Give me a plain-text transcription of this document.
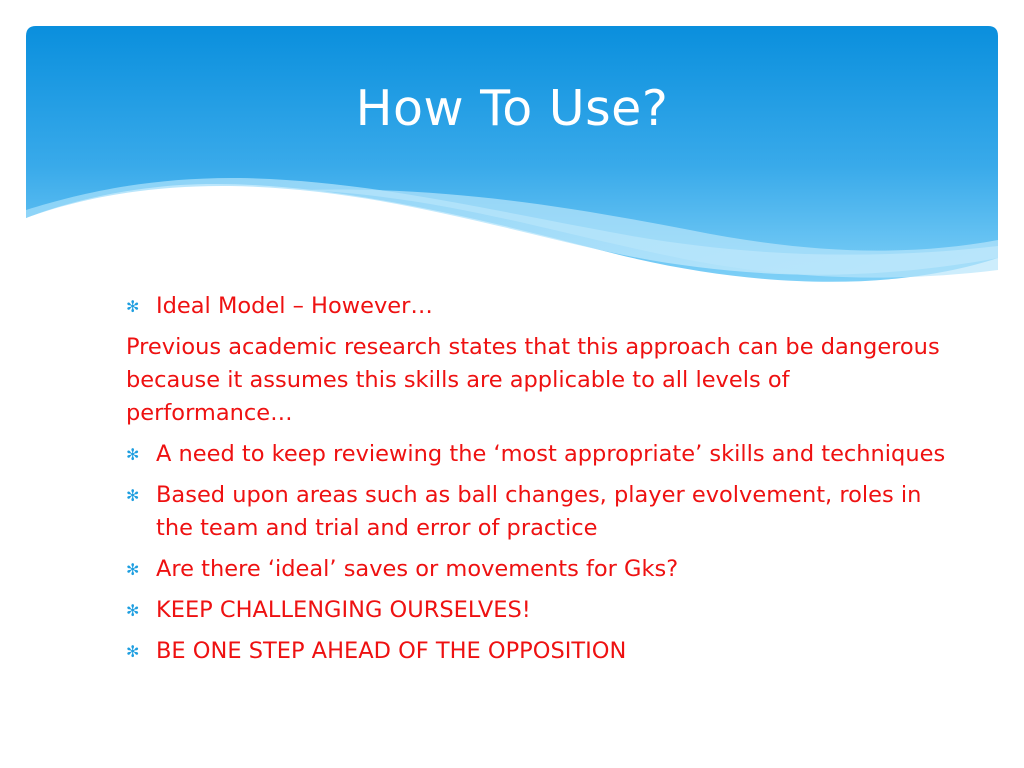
How To Use?
✻ Ideal Model – However…
Previous academic research states that this approach can be dangerous because it assumes this skills are applicable to all levels of performance…
✻ A need to keep reviewing the ‘most appropriate’ skills and techniques
✻ Based upon areas such as ball changes, player evolvement, roles in the team and trial and error of practice
✻ Are there ‘ideal’ saves or movements for Gks?
✻ KEEP CHALLENGING OURSELVES!
✻ BE ONE STEP AHEAD OF THE OPPOSITION
